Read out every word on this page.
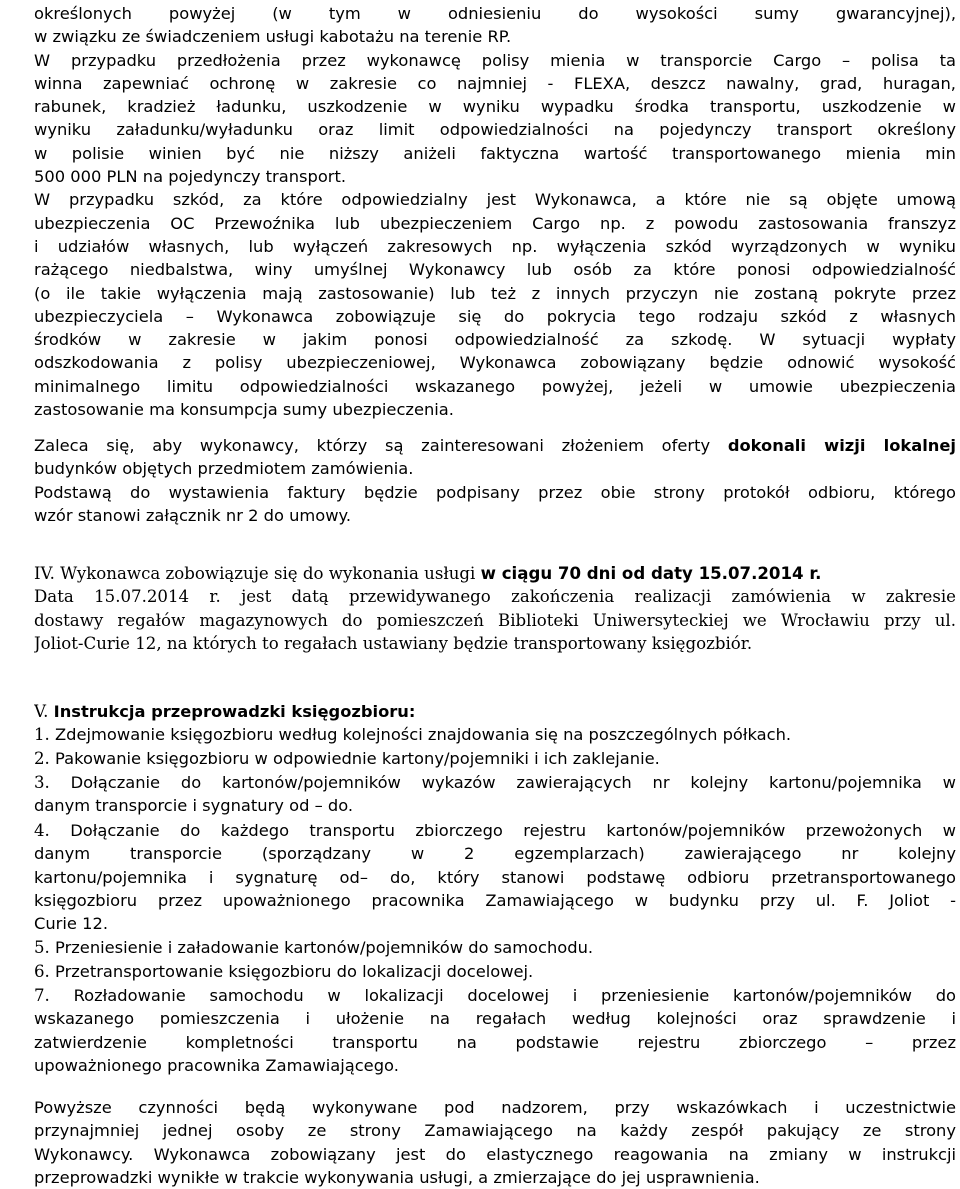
określonych powyżej (w tym w odniesieniu do wysokości sumy gwarancyjnej),
w związku ze świadczeniem usługi kabotażu na terenie RP.
W przypadku przedłożenia przez wykonawcę polisy mienia w transporcie Cargo – polisa ta
winna zapewniać ochronę w zakresie co najmniej - FLEXA, deszcz nawalny, grad, huragan,
rabunek, kradzież ładunku, uszkodzenie w wyniku wypadku środka transportu, uszkodzenie w
wyniku załadunku/wyładunku oraz limit odpowiedzialności na pojedynczy transport określony
w polisie winien być nie niższy aniżeli faktyczna wartość transportowanego mienia min
500 000 PLN na pojedynczy transport.
W przypadku szkód, za które odpowiedzialny jest Wykonawca, a które nie są objęte umową
ubezpieczenia OC Przewoźnika lub ubezpieczeniem Cargo np. z powodu zastosowania franszyz
i udziałów własnych, lub wyłączeń zakresowych np. wyłączenia szkód wyrządzonych w wyniku
rażącego niedbalstwa, winy umyślnej Wykonawcy lub osób za które ponosi odpowiedzialność
(o ile takie wyłączenia mają zastosowanie) lub też z innych przyczyn nie zostaną pokryte przez
ubezpieczyciela – Wykonawca zobowiązuje się do pokrycia tego rodzaju szkód z własnych
środków w zakresie w jakim ponosi odpowiedzialność za szkodę. W sytuacji wypłaty
odszkodowania z polisy ubezpieczeniowej, Wykonawca zobowiązany będzie odnowić wysokość
minimalnego limitu odpowiedzialności wskazanego powyżej, jeżeli w umowie ubezpieczenia
zastosowanie ma konsumpcja sumy ubezpieczenia.
Zaleca się, aby wykonawcy, którzy są zainteresowani złożeniem oferty dokonali wizji lokalnej
budynków objętych przedmiotem zamówienia.
Podstawą do wystawienia faktury będzie podpisany przez obie strony protokół odbioru, którego
wzór stanowi załącznik nr 2 do umowy.
IV. Wykonawca zobowiązuje się do wykonania usługi w ciągu 70 dni od daty 15.07.2014 r.
Data 15.07.2014 r. jest datą przewidywanego zakończenia realizacji zamówienia w zakresie
dostawy regałów magazynowych do pomieszczeń Biblioteki Uniwersyteckiej we Wrocławiu przy ul.
Joliot-Curie 12, na których to regałach ustawiany będzie transportowany księgozbiór.
V. Instrukcja przeprowadzki księgozbioru:
1. Zdejmowanie księgozbioru według kolejności znajdowania się na poszczególnych półkach.
2. Pakowanie księgozbioru w odpowiednie kartony/pojemniki i ich zaklejanie.
3. Dołączanie do kartonów/pojemników wykazów zawierających nr kolejny kartonu/pojemnika w
danym transporcie i sygnatury od – do.
4. Dołączanie do każdego transportu zbiorczego rejestru kartonów/pojemników przewożonych w
danym transporcie (sporządzany w 2 egzemplarzach) zawierającego nr kolejny
kartonu/pojemnika i sygnaturę od– do, który stanowi podstawę odbioru przetransportowanego
księgozbioru przez upoważnionego pracownika Zamawiającego w budynku przy ul. F. Joliot -
Curie 12.
5. Przeniesienie i załadowanie kartonów/pojemników do samochodu.
6. Przetransportowanie księgozbioru do lokalizacji docelowej.
7. Rozładowanie samochodu w lokalizacji docelowej i przeniesienie kartonów/pojemników do
wskazanego pomieszczenia i ułożenie na regałach według kolejności oraz sprawdzenie i
zatwierdzenie kompletności transportu na podstawie rejestru zbiorczego – przez
upoważnionego pracownika Zamawiającego.
Powyższe czynności będą wykonywane pod nadzorem, przy wskazówkach i uczestnictwie
przynajmniej jednej osoby ze strony Zamawiającego na każdy zespół pakujący ze strony
Wykonawcy. Wykonawca zobowiązany jest do elastycznego reagowania na zmiany w instrukcji
przeprowadzki wynikłe w trakcie wykonywania usługi, a zmierzające do jej usprawnienia.
